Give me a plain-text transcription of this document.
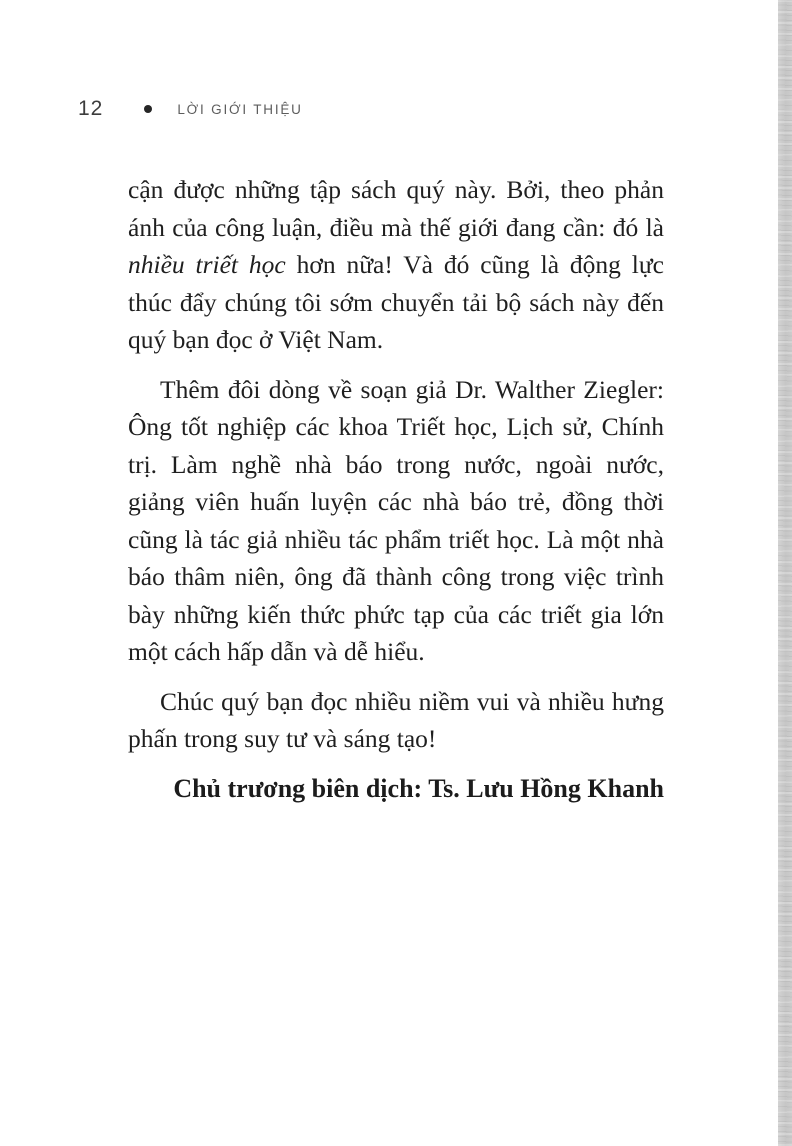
12	LỜI GIỚI THIỆU

cận được những tập sách quý này. Bởi, theo phản ánh của công luận, điều mà thế giới đang cần: đó là nhiều triết học hơn nữa! Và đó cũng là động lực thúc đẩy chúng tôi sớm chuyển tải bộ sách này đến quý bạn đọc ở Việt Nam.

Thêm đôi dòng về soạn giả Dr. Walther Ziegler: Ông tốt nghiệp các khoa Triết học, Lịch sử, Chính trị. Làm nghề nhà báo trong nước, ngoài nước, giảng viên huấn luyện các nhà báo trẻ, đồng thời cũng là tác giả nhiều tác phẩm triết học. Là một nhà báo thâm niên, ông đã thành công trong việc trình bày những kiến thức phức tạp của các triết gia lớn một cách hấp dẫn và dễ hiểu.

Chúc quý bạn đọc nhiều niềm vui và nhiều hưng phấn trong suy tư và sáng tạo!

Chủ trương biên dịch: Ts. Lưu Hồng Khanh
